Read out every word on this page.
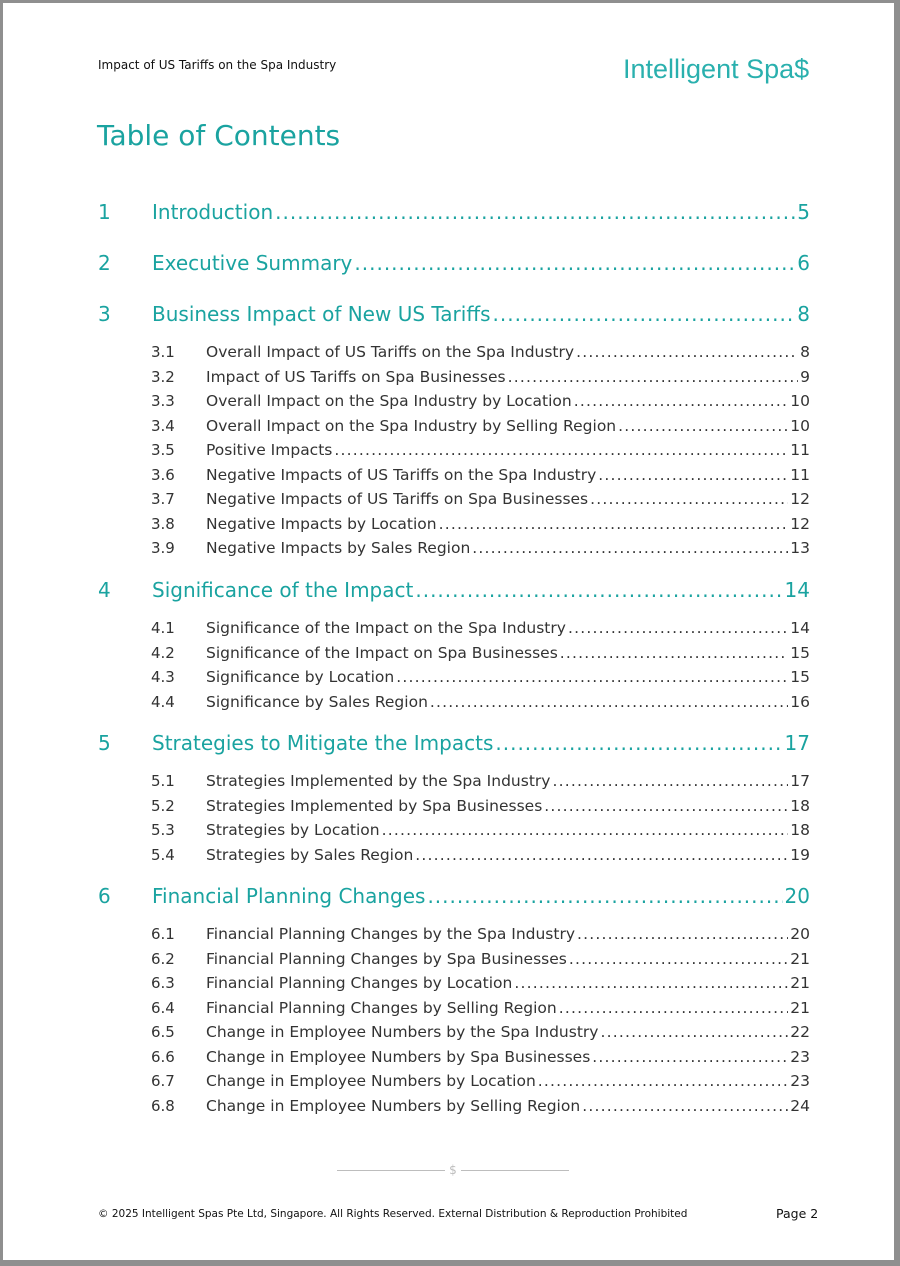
Impact of US Tariffs on the Spa Industry	Intelligent Spa$
Table of Contents
1	Introduction .....	5
2	Executive Summary .....	6
3	Business Impact of New US Tariffs .....	8
3.1	Overall Impact of US Tariffs on the Spa Industry .....	8
3.2	Impact of US Tariffs on Spa Businesses .....	9
3.3	Overall Impact on the Spa Industry by Location .....	10
3.4	Overall Impact on the Spa Industry by Selling Region .....	10
3.5	Positive Impacts .....	11
3.6	Negative Impacts of US Tariffs on the Spa Industry .....	11
3.7	Negative Impacts of US Tariffs on Spa Businesses .....	12
3.8	Negative Impacts by Location .....	12
3.9	Negative Impacts by Sales Region .....	13
4	Significance of the Impact .....	14
4.1	Significance of the Impact on the Spa Industry .....	14
4.2	Significance of the Impact on Spa Businesses .....	15
4.3	Significance by Location .....	15
4.4	Significance by Sales Region .....	16
5	Strategies to Mitigate the Impacts .....	17
5.1	Strategies Implemented by the Spa Industry .....	17
5.2	Strategies Implemented by Spa Businesses .....	18
5.3	Strategies by Location .....	18
5.4	Strategies by Sales Region .....	19
6	Financial Planning Changes .....	20
6.1	Financial Planning Changes by the Spa Industry .....	20
6.2	Financial Planning Changes by Spa Businesses .....	21
6.3	Financial Planning Changes by Location .....	21
6.4	Financial Planning Changes by Selling Region .....	21
6.5	Change in Employee Numbers by the Spa Industry .....	22
6.6	Change in Employee Numbers by Spa Businesses .....	23
6.7	Change in Employee Numbers by Location .....	23
6.8	Change in Employee Numbers by Selling Region .....	24
$
© 2025 Intelligent Spas Pte Ltd, Singapore. All Rights Reserved. External Distribution & Reproduction Prohibited	Page 2
